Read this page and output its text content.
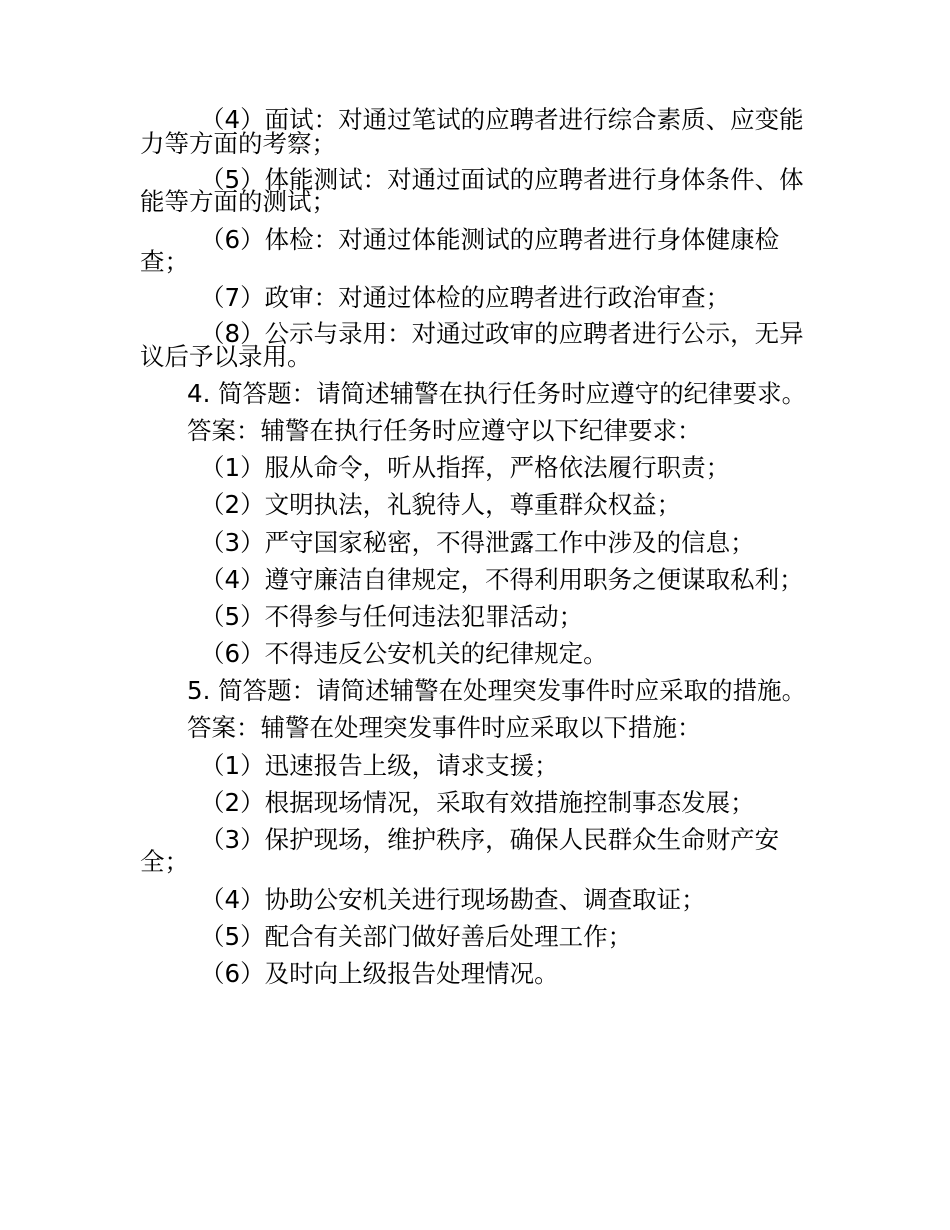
（4）面试：对通过笔试的应聘者进行综合素质、应变能
力等方面的考察；
（5）体能测试：对通过面试的应聘者进行身体条件、体
能等方面的测试；
（6）体检：对通过体能测试的应聘者进行身体健康检
查；
（7）政审：对通过体检的应聘者进行政治审查；
（8）公示与录用：对通过政审的应聘者进行公示，无异
议后予以录用。
4. 简答题：请简述辅警在执行任务时应遵守的纪律要求。
答案：辅警在执行任务时应遵守以下纪律要求：
（1）服从命令，听从指挥，严格依法履行职责；
（2）文明执法，礼貌待人，尊重群众权益；
（3）严守国家秘密，不得泄露工作中涉及的信息；
（4）遵守廉洁自律规定，不得利用职务之便谋取私利；
（5）不得参与任何违法犯罪活动；
（6）不得违反公安机关的纪律规定。
5. 简答题：请简述辅警在处理突发事件时应采取的措施。
答案：辅警在处理突发事件时应采取以下措施：
（1）迅速报告上级，请求支援；
（2）根据现场情况，采取有效措施控制事态发展；
（3）保护现场，维护秩序，确保人民群众生命财产安
全；
（4）协助公安机关进行现场勘查、调查取证；
（5）配合有关部门做好善后处理工作；
（6）及时向上级报告处理情况。
